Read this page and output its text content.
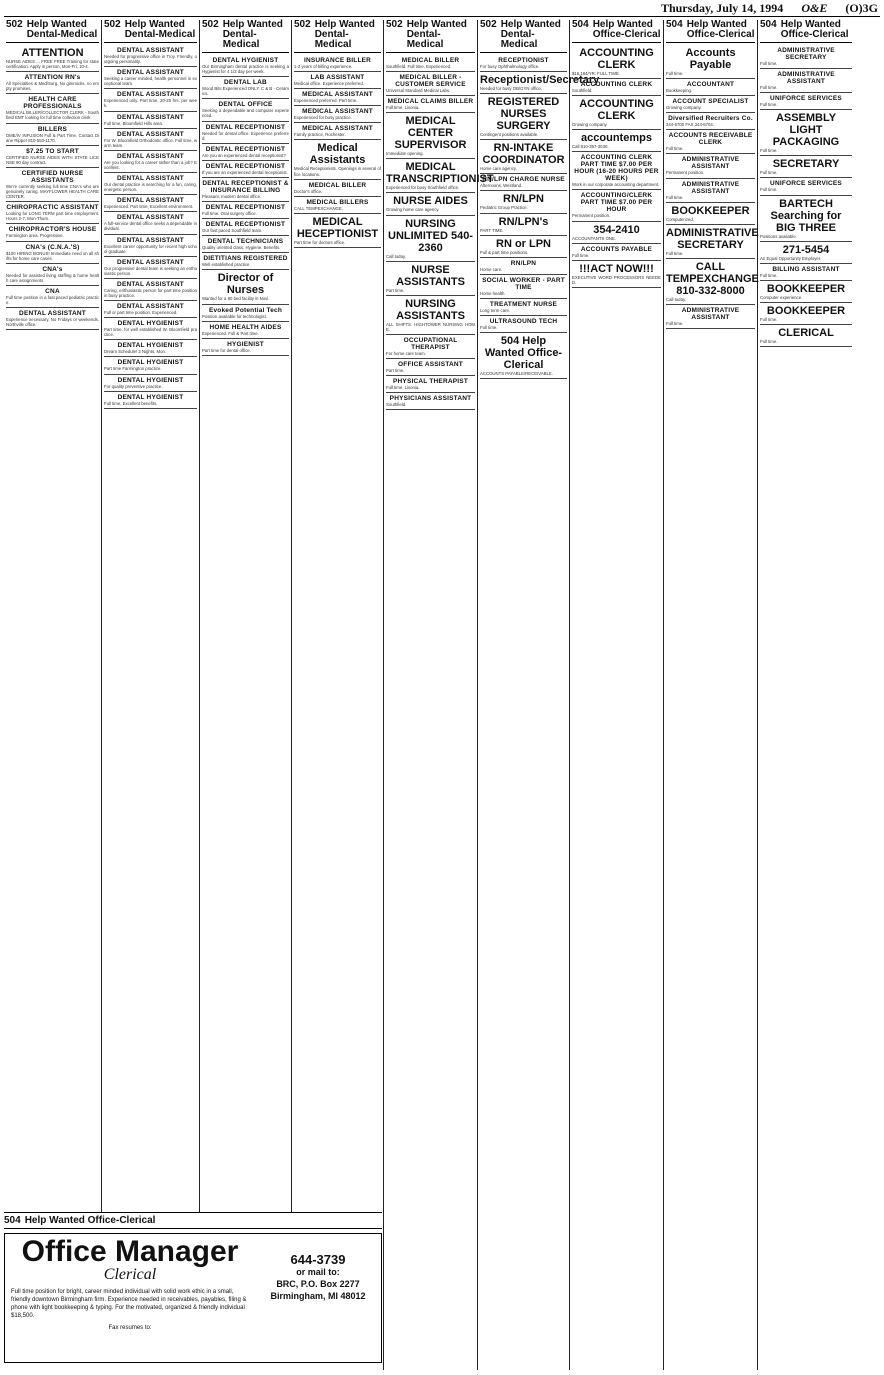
Thursday, July 14, 1994 O&E (O)3G
502 Help Wanted Dental-Medical
ATTENTION
NURSE AIDES ... FREE FREE Training for state certification. Apply in person, Mon-Fri, 10-4.
ATTENTION RN's
All Specialties & Med/Surg. No gimmicks, no empty promises.
HEALTH CARE PROFESSIONALS
MEDICAL BILLER/COLLECTOR CLERK - Southfield EMT looking for full time collection clerk.
BILLERS
DME/IV INFUSION Full & Part Time. Contact Diane Ripper 810-553-1170.
$7.25 TO START
CERTIFIED NURSE AIDES WITH STATE LICENSE 90 day contract.
CERTIFIED NURSE ASSISTANTS
We're currently seeking full time CNA's who are genuinely caring. MAYFLOWER HEALTH CARE CENTER.
CHIROPRACTIC ASSISTANT
Looking for LONG TERM part time employment. Hours 2-7, Mon-Thurs.
CHIROPRACTOR'S HOUSE
Farmington area. Progressive.
CNA's (C.N.A.'S)
$100 HIRING BONUS! Immediate need on all shifts for home care cases.
CNA's
Needed for assisted living staffing & home health care assignments.
CNA
Full time position in a fast paced pediatric practice.
DENTAL ASSISTANT
Experience necessary. No Fridays or weekends. Northville office.
502 Help Wanted Dental-Medical
DENTAL ASSISTANT
Needed for progressive office in Troy. Friendly, outgoing personality.
DENTAL ASSISTANT
Seeking a career minded, health personnel in exceptional team.
DENTAL ASSISTANT
Experienced only. Part time, 20-25 hrs. per week.
DENTAL ASSISTANT
Full time, Bloomfield Hills area.
DENTAL ASSISTANT
For W. Bloomfield Orthodontic office. Full time, warm team.
DENTAL ASSISTANT
Are you looking for a career rather than a job? Excellent.
DENTAL ASSISTANT
Our dental practice is searching for a fun, caring, energetic person.
DENTAL ASSISTANT
Experienced. Part time, Excellent environment.
DENTAL ASSISTANT
A full-service dental office seeks a dependable individual.
DENTAL ASSISTANT
Excellent career opportunity for recent high school graduate.
DENTAL ASSISTANT
Our progressive dental team is seeking an enthusiastic person.
DENTAL ASSISTANT
Caring, enthusiastic person for part time position in busy practice.
DENTAL ASSISTANT
Full or part time position. Experienced.
DENTAL HYGIENIST
Part time, for well established W. Bloomfield practice.
DENTAL HYGIENIST
Dream Schedule! 2 Nights, Mon.
DENTAL HYGIENIST
Part time Farmington practice.
DENTAL HYGIENIST
For quality preventive practice.
DENTAL HYGIENIST
Full time, Excellent benefits.
502 Help Wanted Dental-Medical
DENTAL HYGIENIST
Our Birmingham dental practice is seeking a Hygienist for 4 1/2 day per week.
DENTAL LAB
Wood Bits Experienced ONLY. C & B - Ceramics.
DENTAL OFFICE
Seeking a dependable and computer experienced.
DENTAL RECEPTIONIST
Needed for dental office. Experience preferred.
DENTAL RECEPTIONIST
Are you an experienced dental receptionist?
DENTAL RECEPTIONIST
If you are an experienced dental receptionist.
DENTAL RECEPTIONIST & INSURANCE BILLING
Pleasant, modern dental office.
DENTAL RECEPTIONIST
Full time. Oral surgery office.
DENTAL RECEPTIONIST
Our fast paced Southfield team.
DENTAL TECHNICIANS
Quality oriented class. Hygiene. Benefits.
DIETITIANS REGISTERED
Well established practice.
Director of Nurses
Wanted for a 90 bed facility in Novi.
Evoked Potential Tech
Position available for technologist.
HOME HEALTH AIDES
Experienced. Full & Part time.
HYGIENIST
Part time for dental office.
502 Help Wanted Dental-Medical
INSURANCE BILLER
1-2 years of billing experience.
LAB ASSISTANT
Medical office. Experience preferred.
MEDICAL ASSISTANT
Experienced preferred. Part time.
MEDICAL ASSISTANT
Experienced for busy practice.
MEDICAL ASSISTANT
Family practice, Rochester.
Medical Assistants
Medical Receptionists. Openings in several office locations.
MEDICAL BILLER
Doctor's office.
MEDICAL BILLERS
CALL TEMPEXCHANGE.
MEDICAL HECEPTIONIST
Part time for doctors office.
502 Help Wanted Dental-Medical
MEDICAL BILLER
Southfield. Full time. Experienced.
MEDICAL BILLER - CUSTOMER SERVICE
Universal Standard Medical Labs.
MEDICAL CLAIMS BILLER
Full time. Livonia.
MEDICAL CENTER SUPERVISOR
Immediate opening.
MEDICAL TRANSCRIPTIONIST
Experienced for busy Southfield office.
NURSE AIDES
Growing home care agency.
NURSING UNLIMITED 540-2360
Call today.
NURSE ASSISTANTS
Part time.
NURSING ASSISTANTS
ALL SHIFTS. HIGHTOWER NURSING HOME.
OCCUPATIONAL THERAPIST
For home care team.
OFFICE ASSISTANT
Part time.
PHYSICAL THERAPIST
Full time. Livonia.
PHYSICIANS ASSISTANT
Southfield.
502 Help Wanted Dental-Medical
RECEPTIONIST
For busy Ophthalmology office.
Receptionist/Secretary
Needed for busy OB/GYN office.
REGISTERED NURSES SURGERY
Contingent positions available.
RN-INTAKE COORDINATOR
Home care agency.
RN/LPN CHARGE NURSE
Afternoons. Westland.
RN/LPN
Pediatric Group Practice.
RN/LPN's
PART TIME.
RN or LPN
Full & part time positions.
RN/LPN
Home care.
SOCIAL WORKER - PART TIME
Home health.
TREATMENT NURSE
Long term care.
ULTRASOUND TECH
Full time.
504 Help Wanted Office-Clerical
ACCOUNTS PAYABLE/RECEIVABLE.
504 Help Wanted Office-Clerical
ACCOUNTING CLERK
$16,184/YR. FULL TIME.
ACCOUNTING CLERK
Southfield.
ACCOUNTING CLERK
Growing company.
accountemps
Call 810-357-3030.
ACCOUNTING CLERK PART TIME $7.00 PER HOUR (16-20 HOURS PER WEEK)
Work in our corporate accounting department.
ACCOUNTING/CLERK PART TIME $7.00 PER HOUR
Permanent position.
354-2410
ACCOUNTANTS ONE.
ACCOUNTS PAYABLE
Full time.
!!!ACT NOW!!!
EXECUTIVE WORD PROCESSORS NEEDED.
504 Help Wanted Office-Clerical
Accounts Payable
Full time.
ACCOUNTANT
Bookkeeping.
ACCOUNT SPECIALIST
Growing company.
Diversified Recruiters Co.
344-6700 FAX 344-6704.
ACCOUNTS RECEIVABLE CLERK
Full time.
ADMINISTRATIVE ASSISTANT
Permanent position.
ADMINISTRATIVE ASSISTANT
Full time.
BOOKKEEPER
Computerized.
ADMINISTRATIVE SECRETARY
Full time.
CALL TEMPEXCHANGE 810-332-8000
Call today.
ADMINISTRATIVE ASSISTANT
Full time.
504 Help Wanted Office-Clerical
ADMINISTRATIVE SECRETARY
Full time.
ADMINISTRATIVE ASSISTANT
Full time.
UNIFORCE SERVICES
Full time.
ASSEMBLY LIGHT PACKAGING
Full time.
SECRETARY
Full time.
UNIFORCE SERVICES
Full time.
BARTECH Searching for BIG THREE
Positions available.
271-5454
An Equal Opportunity Employer.
BILLING ASSISTANT
Full time.
BOOKKEEPER
Computer experience.
BOOKKEEPER
Full time.
CLERICAL
Full time.
504 Help Wanted Office-Clerical
Office Manager
Clerical
Full time position for bright, career minded individual with solid work ethic in a small, friendly downtown Birmingham firm. Experience needed in receivables, payables, filing & phone with light bookkeeping & typing. For the motivated, organized & friendly individual $18,500.
Fax resumes to:
644-3739
or mail to:
BRC, P.O. Box 2277
Birmingham, MI 48012
